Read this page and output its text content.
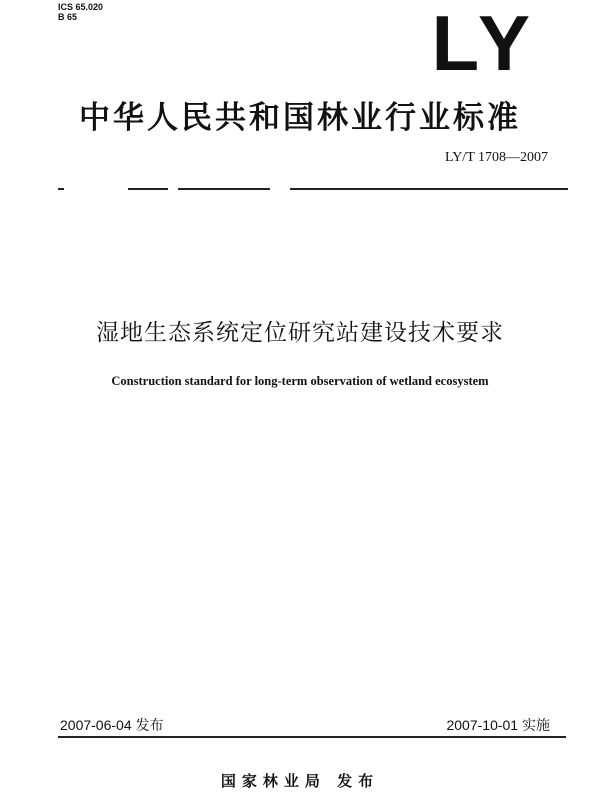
ICS 65.020
B 65	LY
中华人民共和国林业行业标准
LY/T 1708—2007
湿地生态系统定位研究站建设技术要求
Construction standard for long-term observation of wetland ecosystem
2007-06-04 发布	2007-10-01 实施
国家林业局 发布
